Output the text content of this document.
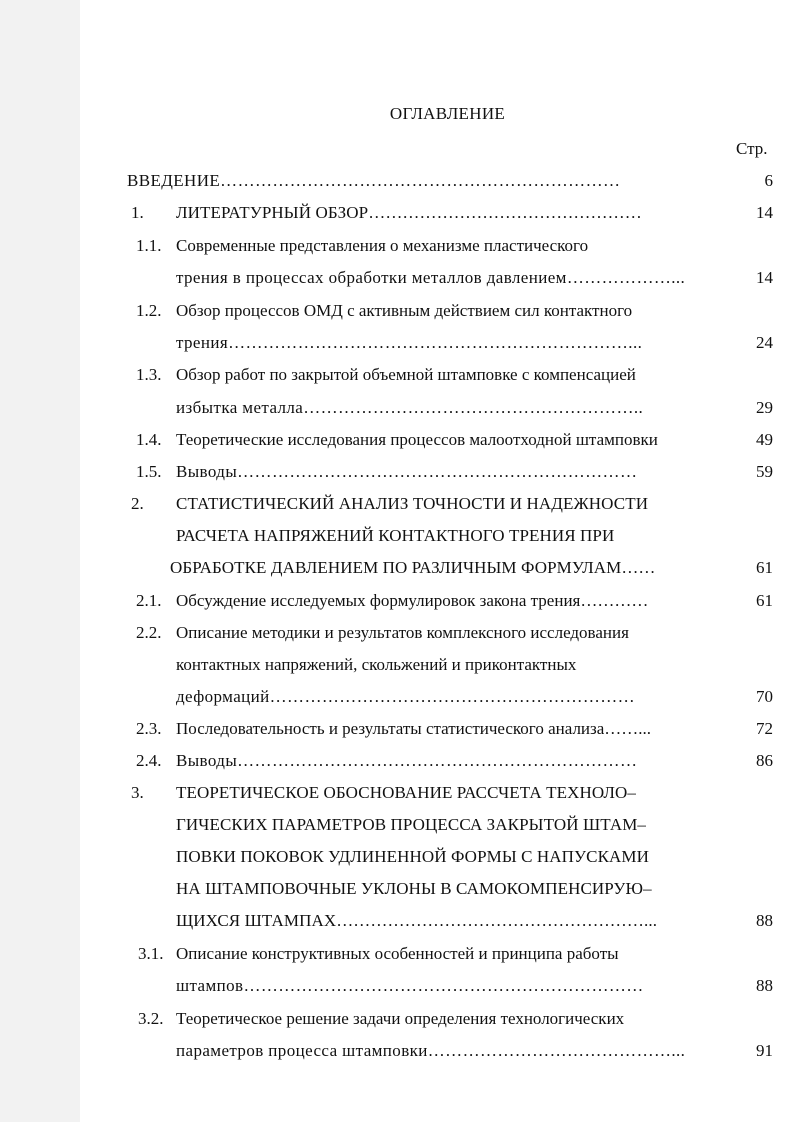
ОГЛАВЛЕНИЕ
Стр.
ВВЕДЕНИЕ……………………………………………………………	6
1. ЛИТЕРАТУРНЫЙ ОБЗОР…………………………………………	14
1.1. Современные представления о механизме пластического
трения в процессах обработки металлов давлением………………...	14
1.2. Обзор процессов ОМД с активным действием сил контактного
трения……………………………………………………………...	24
1.3. Обзор работ по закрытой объемной штамповке с компенсацией
избытка металла…………………………………………………..	29
1.4. Теоретические исследования процессов малоотходной штамповки	49
1.5. Выводы……………………………………………………………	59
2. СТАТИСТИЧЕСКИЙ АНАЛИЗ ТОЧНОСТИ И НАДЕЖНОСТИ
РАСЧЕТА НАПРЯЖЕНИЙ КОНТАКТНОГО ТРЕНИЯ ПРИ
ОБРАБОТКЕ ДАВЛЕНИЕМ ПО РАЗЛИЧНЫМ ФОРМУЛАМ……	61
2.1. Обсуждение исследуемых формулировок закона трения…………	61
2.2. Описание методики и результатов комплексного исследования
контактных напряжений, скольжений и приконтактных
деформаций………………………………………………………	70
2.3. Последовательность и результаты статистического анализа……...	72
2.4. Выводы……………………………………………………………	86
3. ТЕОРЕТИЧЕСКОЕ ОБОСНОВАНИЕ РАССЧЕТА ТЕХНОЛО–
ГИЧЕСКИХ ПАРАМЕТРОВ ПРОЦЕССА ЗАКРЫТОЙ ШТАМ–
ПОВКИ ПОКОВОК УДЛИНЕННОЙ ФОРМЫ С НАПУСКАМИ
НА ШТАМПОВОЧНЫЕ УКЛОНЫ В САМОКОМПЕНСИРУЮ–
ЩИХСЯ ШТАМПАХ………………………………………………...	88
3.1. Описание конструктивных особенностей и принципа работы
штампов……………………………………………………………	88
3.2. Теоретическое решение задачи определения технологических
параметров процесса штамповки……………………………………...	91
